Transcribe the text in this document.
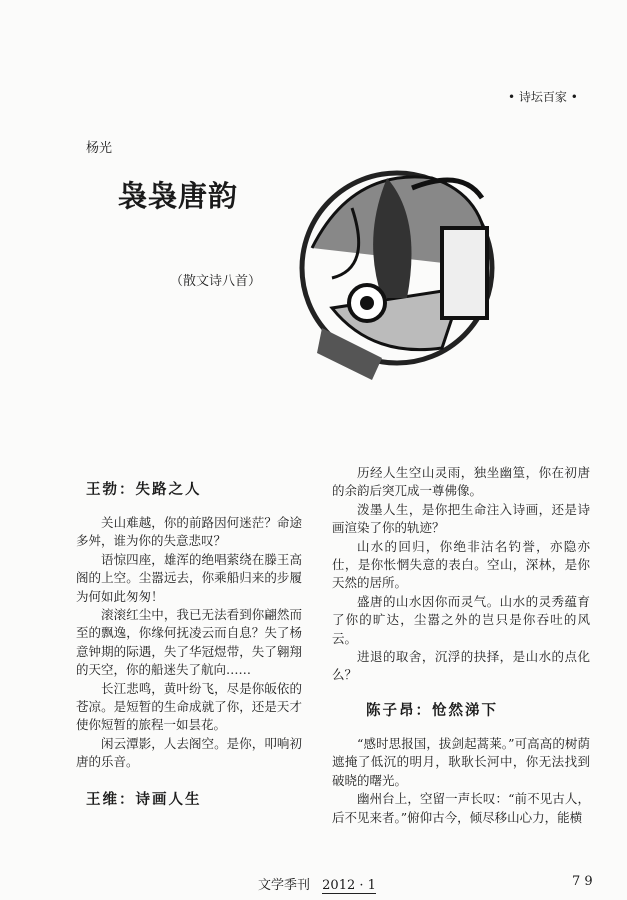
• 诗坛百家 •
杨光
袅袅唐韵
（散文诗八首）
王勃：失路之人

关山难越，你的前路因何迷茫？命途多舛，谁为你的失意悲叹？

语惊四座，雄浑的绝唱萦绕在滕王高阁的上空。尘嚣远去，你乘船归来的步履为何如此匆匆！

滚滚红尘中，我已无法看到你翩然而至的飘逸，你缘何抚凌云而自息？失了杨意钟期的际遇，失了华冠煜带，失了翱翔的天空，你的船迷失了航向……

长江悲鸣，黄叶纷飞，尽是你皈依的苍凉。是短暂的生命成就了你，还是天才使你短暂的旅程一如昙花。

闲云潭影，人去阁空。是你，叩响初唐的乐音。

王维：诗画人生

历经人生空山灵雨，独坐幽篁，你在初唐的余韵后突兀成一尊佛像。

泼墨人生，是你把生命注入诗画，还是诗画渲染了你的轨迹？

山水的回归，你绝非沽名钓誉，亦隐亦仕，是你怅惘失意的表白。空山，深林，是你天然的居所。

盛唐的山水因你而灵气。山水的灵秀蕴育了你的旷达，尘嚣之外的岂只是你吞吐的风云。

进退的取舍，沉浮的抉择，是山水的点化么？

陈子昂：怆然涕下

“感时思报国，拔剑起蒿莱。”可高高的树荫遮掩了低沉的明月，耿耿长河中，你无法找到破晓的曙光。

幽州台上，空留一声长叹：“前不见古人，后不见来者。”俯仰古今，倾尽移山心力，能横

文学季刊 2012 · 1	7 9
